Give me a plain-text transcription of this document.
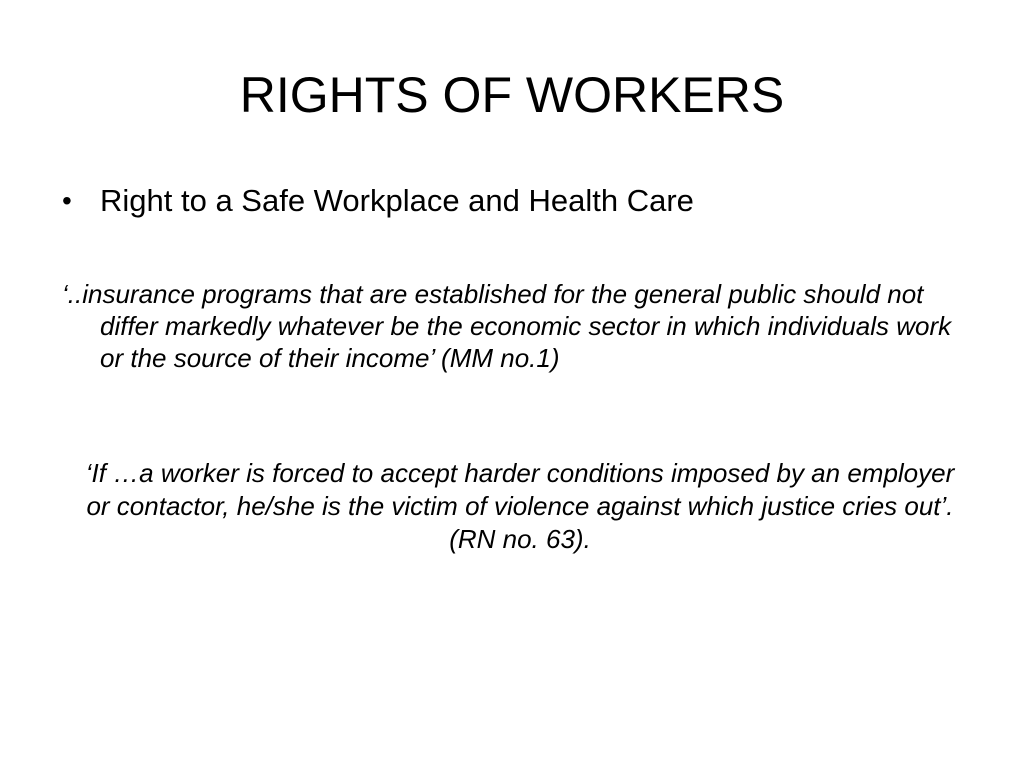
RIGHTS OF WORKERS
• Right to a Safe Workplace and Health Care

‘..insurance programs that are established for the general public should not differ markedly whatever be the economic sector in which individuals work or the source of their income’ (MM no.1)

‘If …a worker is forced to accept harder conditions imposed by an employer or contactor, he/she is the victim of violence against which justice cries out’.(RN no. 63).
